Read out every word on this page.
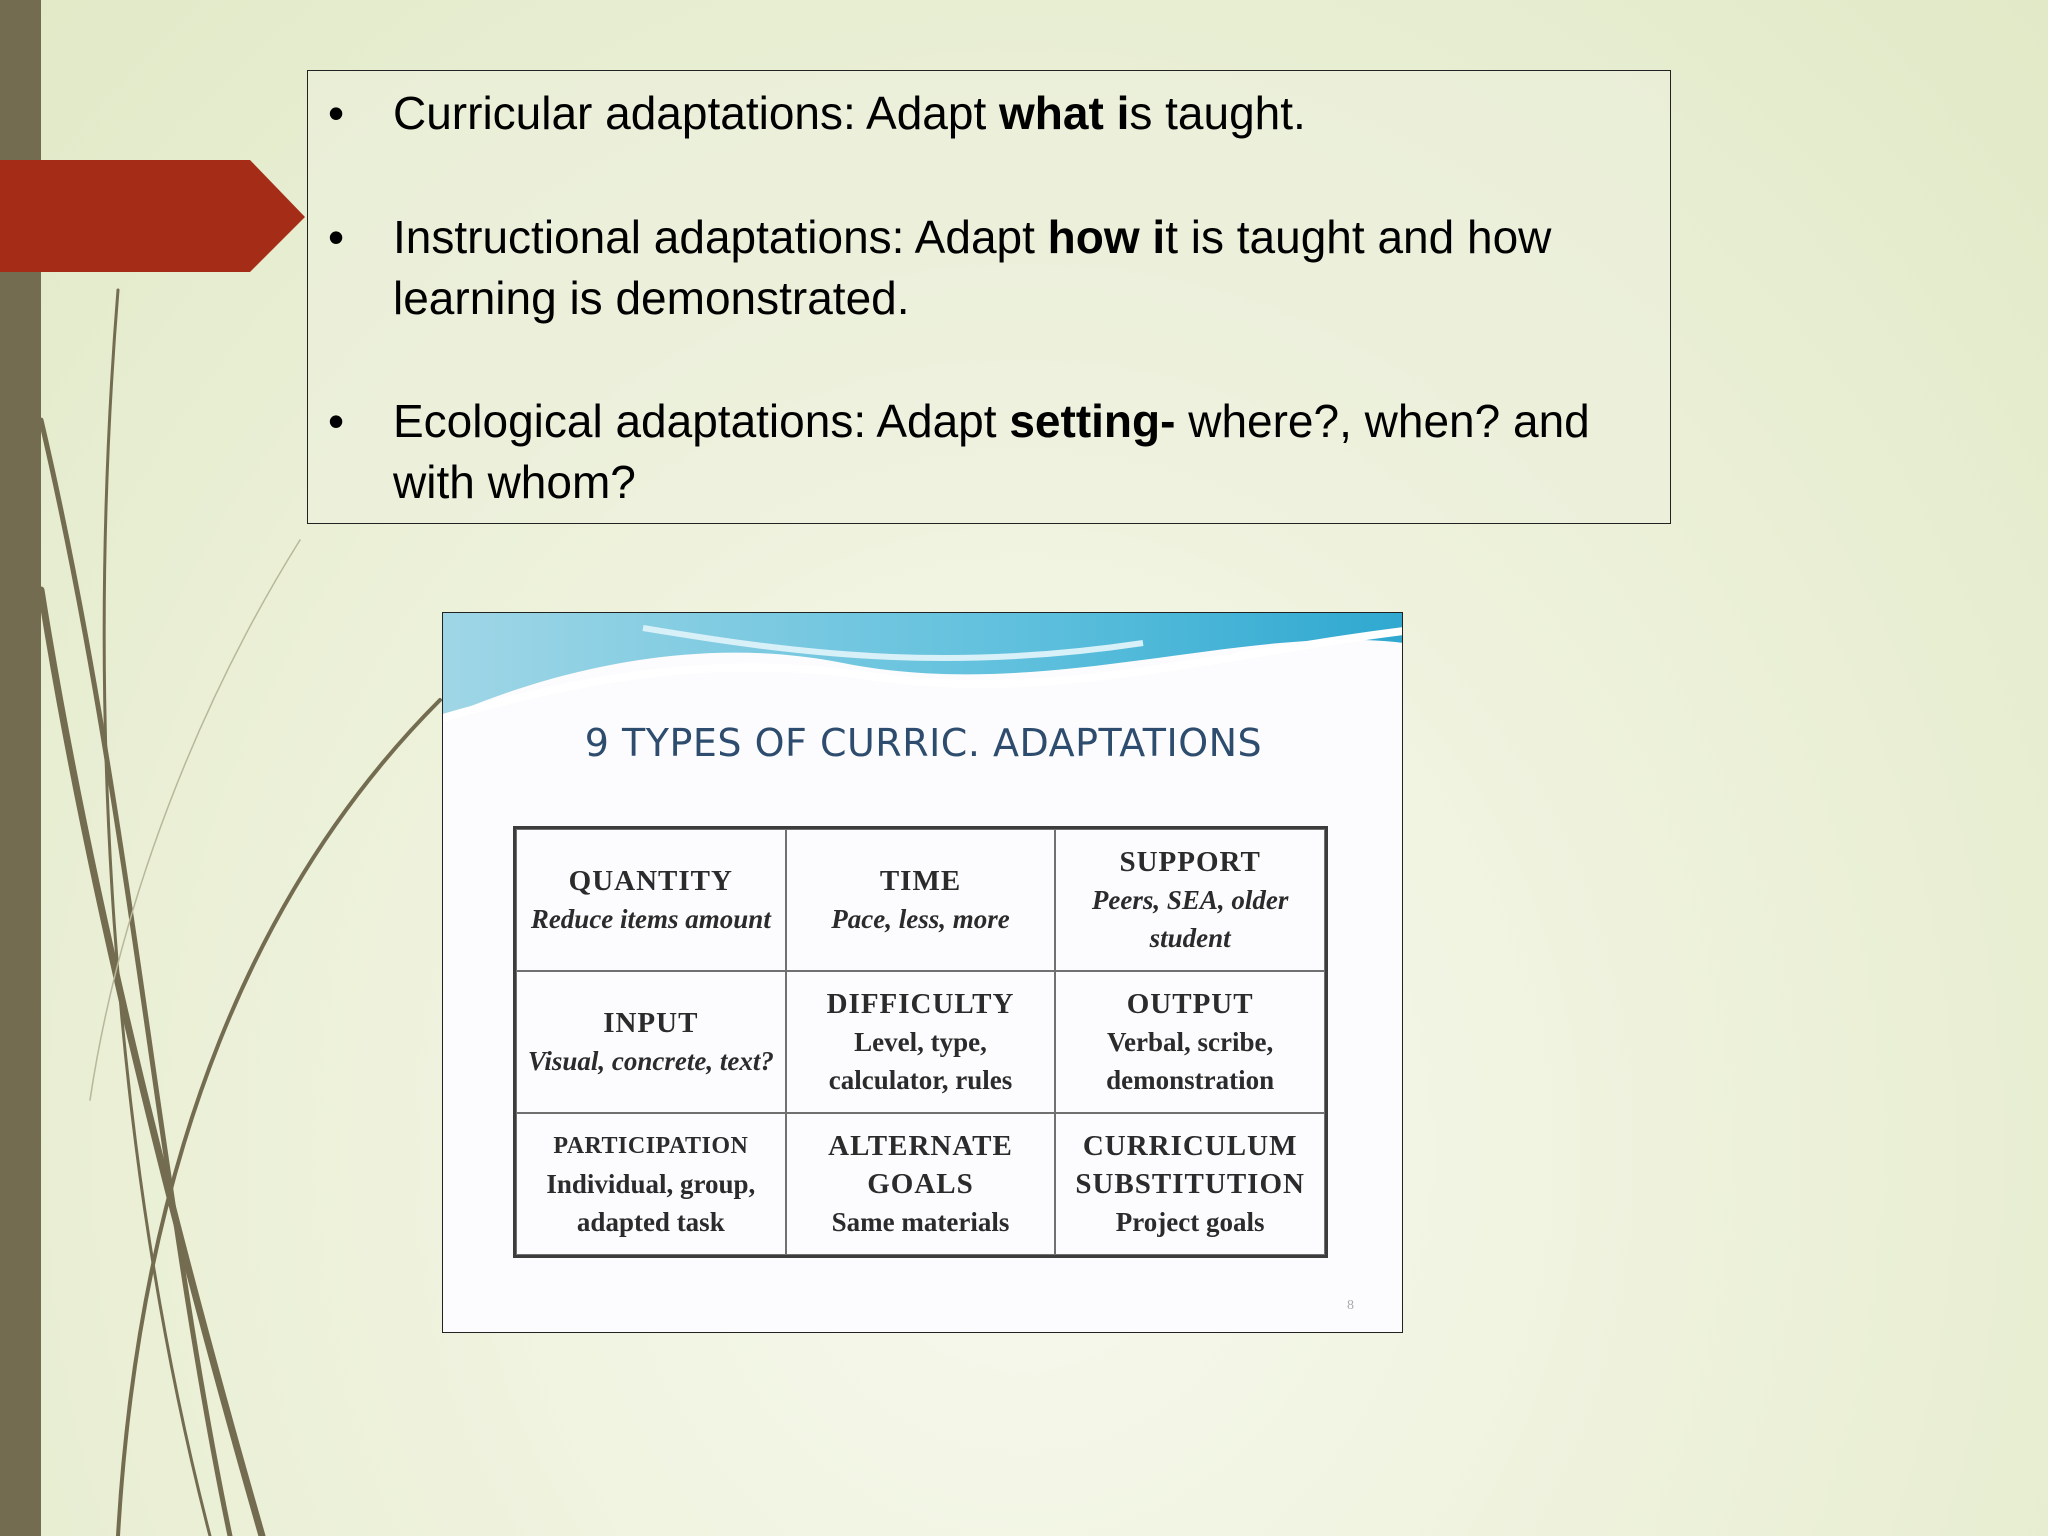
• Curricular adaptations: Adapt what is taught.
• Instructional adaptations: Adapt how it is taught and how learning is demonstrated.
• Ecological adaptations: Adapt setting- where?, when? and with whom?
9 TYPES OF CURRIC. ADAPTATIONS
QUANTITY
Reduce items amount
TIME
Pace, less, more
SUPPORT
Peers, SEA, older student
INPUT
Visual, concrete, text?
DIFFICULTY
Level, type, calculator, rules
OUTPUT
Verbal, scribe, demonstration
PARTICIPATION
Individual, group, adapted task
ALTERNATE GOALS
Same materials
CURRICULUM SUBSTITUTION
Project goals
8
